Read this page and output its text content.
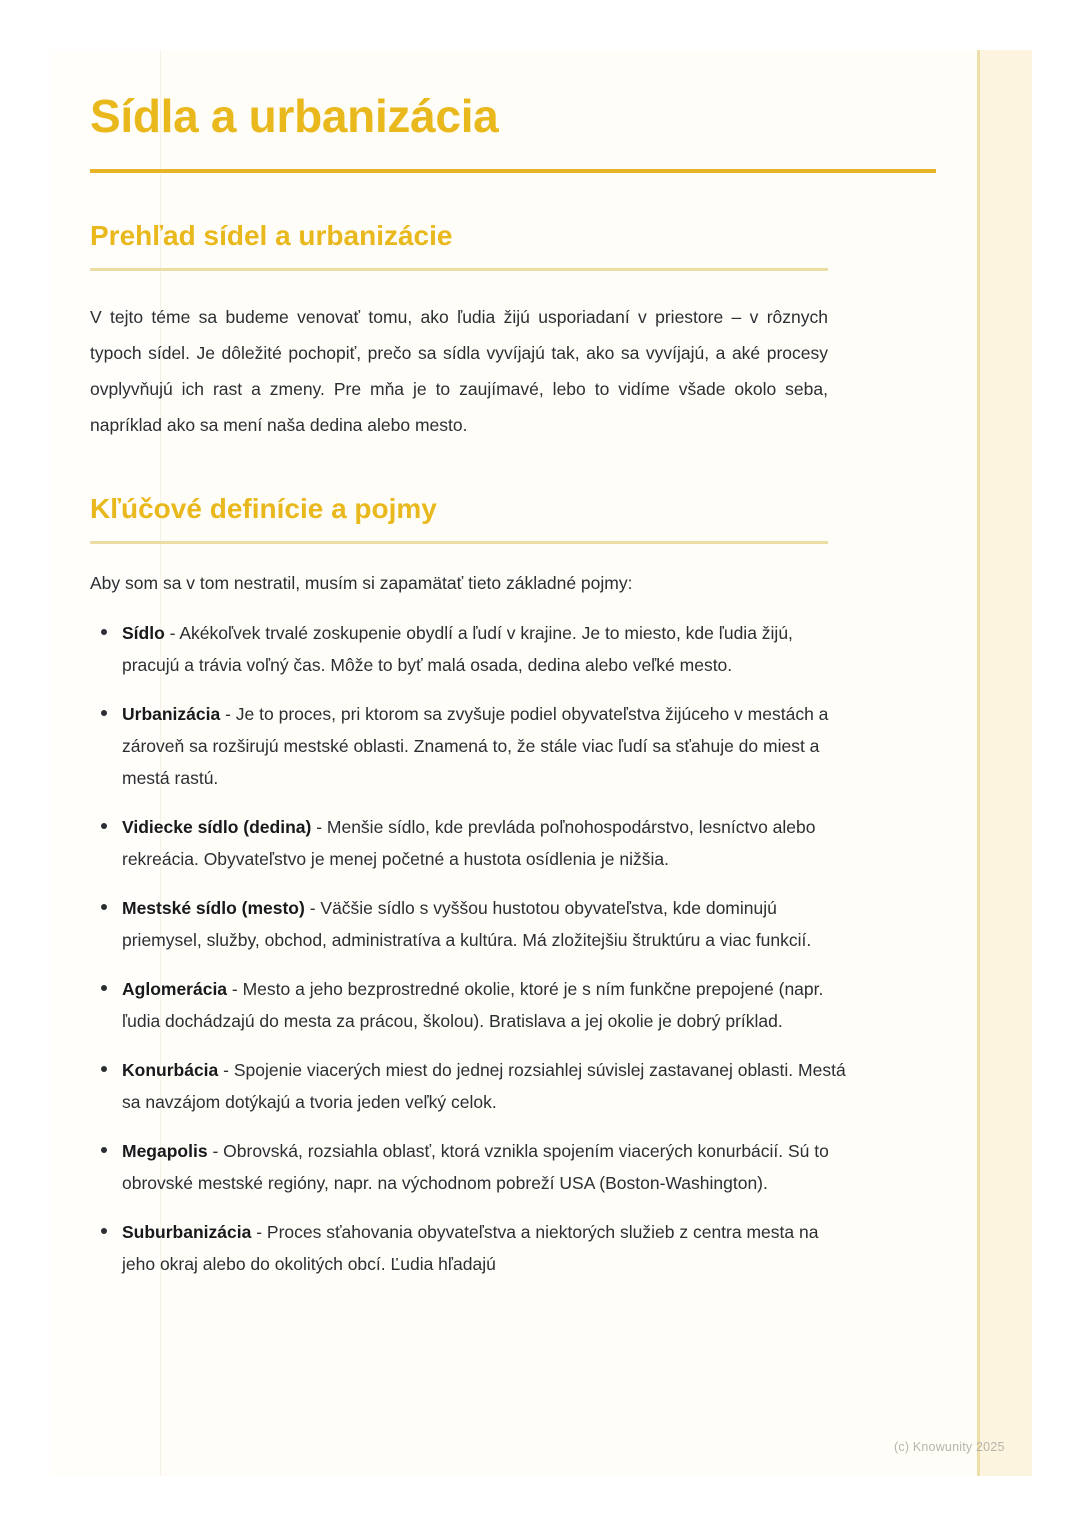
Sídla a urbanizácia
Prehľad sídel a urbanizácie

V tejto téme sa budeme venovať tomu, ako ľudia žijú usporiadaní v priestore – v rôznych typoch sídel. Je dôležité pochopiť, prečo sa sídla vyvíjajú tak, ako sa vyvíjajú, a aké procesy ovplyvňujú ich rast a zmeny. Pre mňa je to zaujímavé, lebo to vidíme všade okolo seba, napríklad ako sa mení naša dedina alebo mesto.

Kľúčové definície a pojmy

Aby som sa v tom nestratil, musím si zapamätať tieto základné pojmy:

Sídlo - Akékoľvek trvalé zoskupenie obydlí a ľudí v krajine. Je to miesto, kde ľudia žijú, pracujú a trávia voľný čas. Môže to byť malá osada, dedina alebo veľké mesto.
Urbanizácia - Je to proces, pri ktorom sa zvyšuje podiel obyvateľstva žijúceho v mestách a zároveň sa rozširujú mestské oblasti. Znamená to, že stále viac ľudí sa sťahuje do miest a mestá rastú.
Vidiecke sídlo (dedina) - Menšie sídlo, kde prevláda poľnohospodárstvo, lesníctvo alebo rekreácia. Obyvateľstvo je menej početné a hustota osídlenia je nižšia.
Mestské sídlo (mesto) - Väčšie sídlo s vyššou hustotou obyvateľstva, kde dominujú priemysel, služby, obchod, administratíva a kultúra. Má zložitejšiu štruktúru a viac funkcií.
Aglomerácia - Mesto a jeho bezprostredné okolie, ktoré je s ním funkčne prepojené (napr. ľudia dochádzajú do mesta za prácou, školou). Bratislava a jej okolie je dobrý príklad.
Konurbácia - Spojenie viacerých miest do jednej rozsiahlej súvislej zastavanej oblasti. Mestá sa navzájom dotýkajú a tvoria jeden veľký celok.
Megapolis - Obrovská, rozsiahla oblasť, ktorá vznikla spojením viacerých konurbácií. Sú to obrovské mestské regióny, napr. na východnom pobreží USA (Boston-Washington).
Suburbanizácia - Proces sťahovania obyvateľstva a niektorých služieb z centra mesta na jeho okraj alebo do okolitých obcí. Ľudia hľadajú
(c) Knowunity 2025
